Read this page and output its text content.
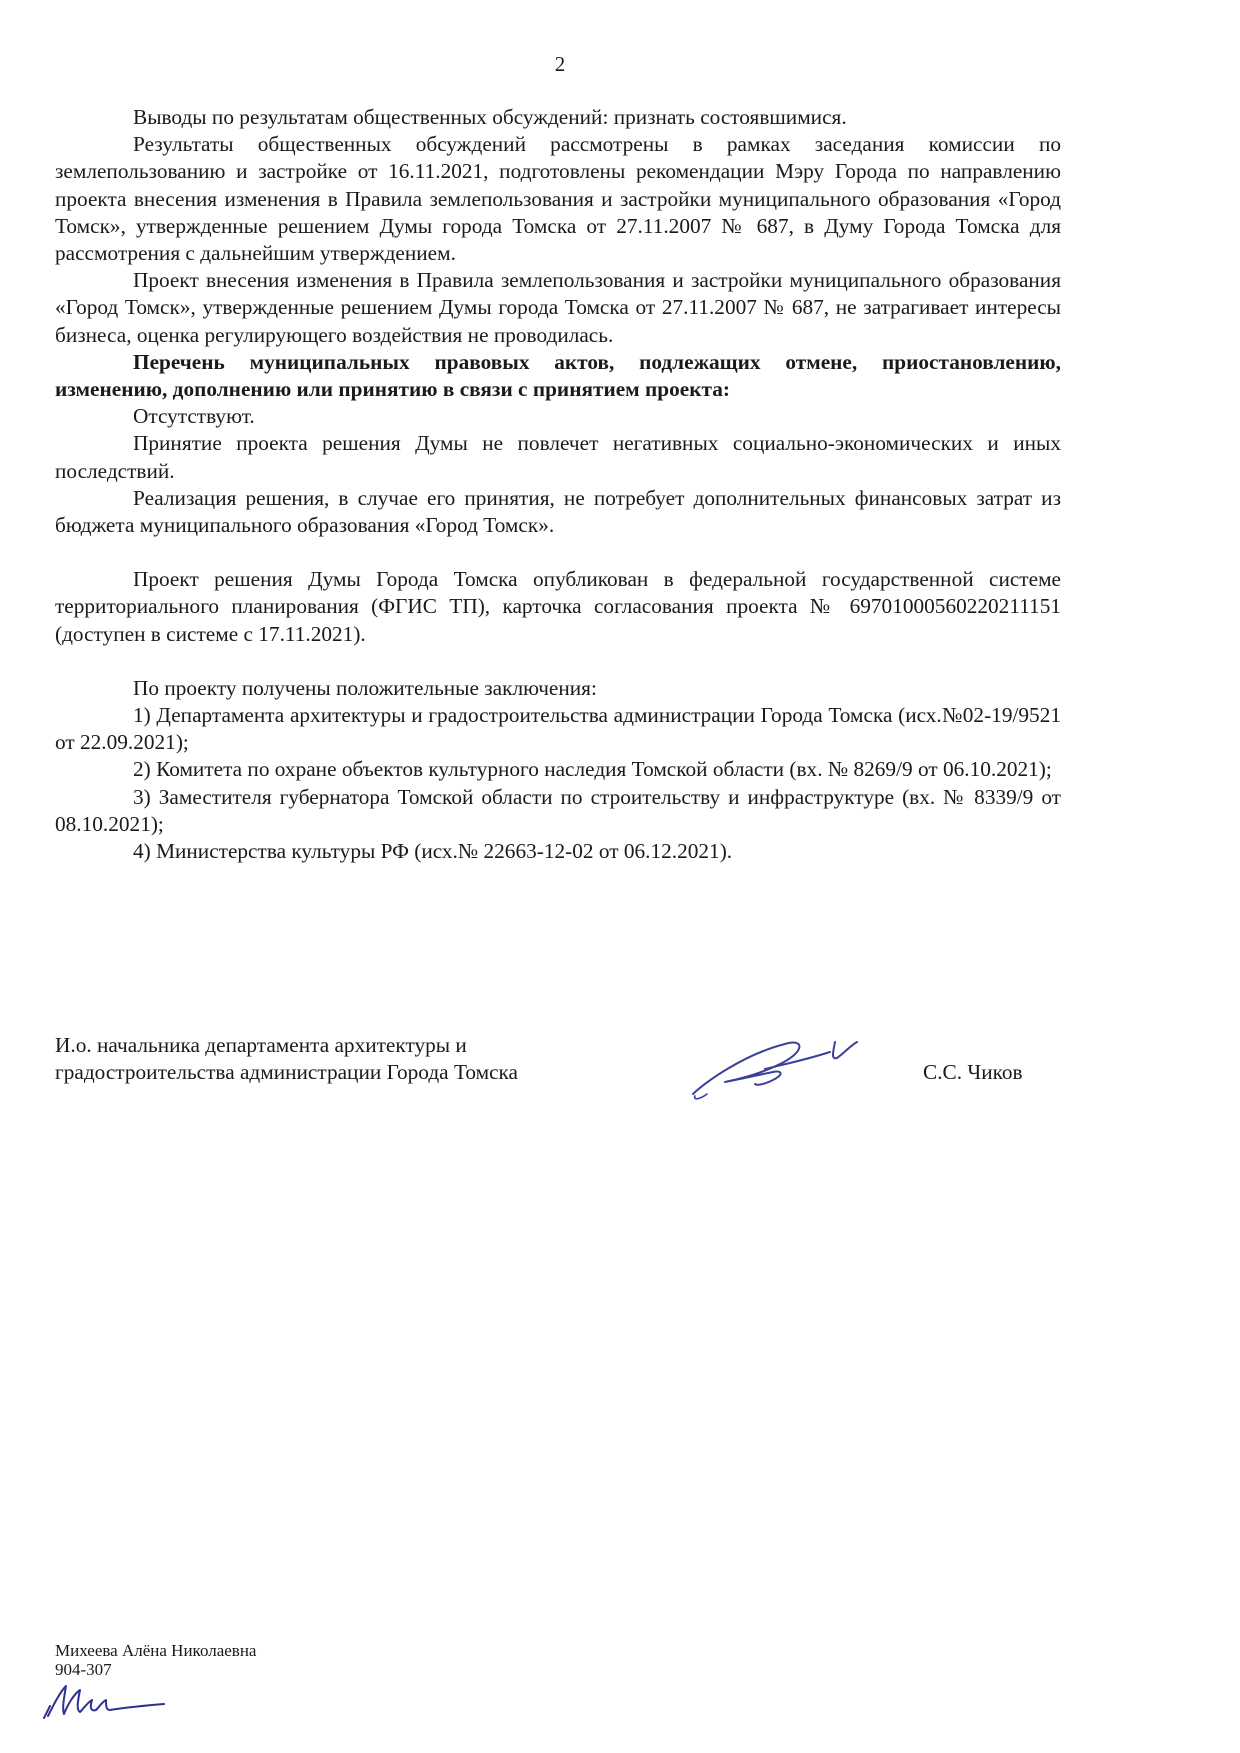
2

Выводы по результатам общественных обсуждений: признать состоявшимися.

Результаты общественных обсуждений рассмотрены в рамках заседания комиссии по землепользованию и застройке от 16.11.2021, подготовлены рекомендации Мэру Города по направлению проекта внесения изменения в Правила землепользования и застройки муниципального образования «Город Томск», утвержденные решением Думы города Томска от 27.11.2007 № 687, в Думу Города Томска для рассмотрения с дальнейшим утверждением.

Проект внесения изменения в Правила землепользования и застройки муниципального образования «Город Томск», утвержденные решением Думы города Томска от 27.11.2007 № 687, не затрагивает интересы бизнеса, оценка регулирующего воздействия не проводилась.

Перечень муниципальных правовых актов, подлежащих отмене, приостановлению, изменению, дополнению или принятию в связи с принятием проекта:

Отсутствуют.

Принятие проекта решения Думы не повлечет негативных социально-экономических и иных последствий.

Реализация решения, в случае его принятия, не потребует дополнительных финансовых затрат из бюджета муниципального образования «Город Томск».

Проект решения Думы Города Томска опубликован в федеральной государственной системе территориального планирования (ФГИС ТП), карточка согласования проекта № 69701000560220211151 (доступен в системе с 17.11.2021).

По проекту получены положительные заключения:

1) Департамента архитектуры и градостроительства администрации Города Томска (исх.№02-19/9521 от 22.09.2021);

2) Комитета по охране объектов культурного наследия Томской области (вх. № 8269/9 от 06.10.2021);

3) Заместителя губернатора Томской области по строительству и инфраструктуре (вх. № 8339/9 от 08.10.2021);

4) Министерства культуры РФ (исх.№ 22663-12-02 от 06.12.2021).

И.о. начальника департамента архитектуры и
градостроительства администрации Города Томска	С.С. Чиков
Михеева Алёна Николаевна
904-307
